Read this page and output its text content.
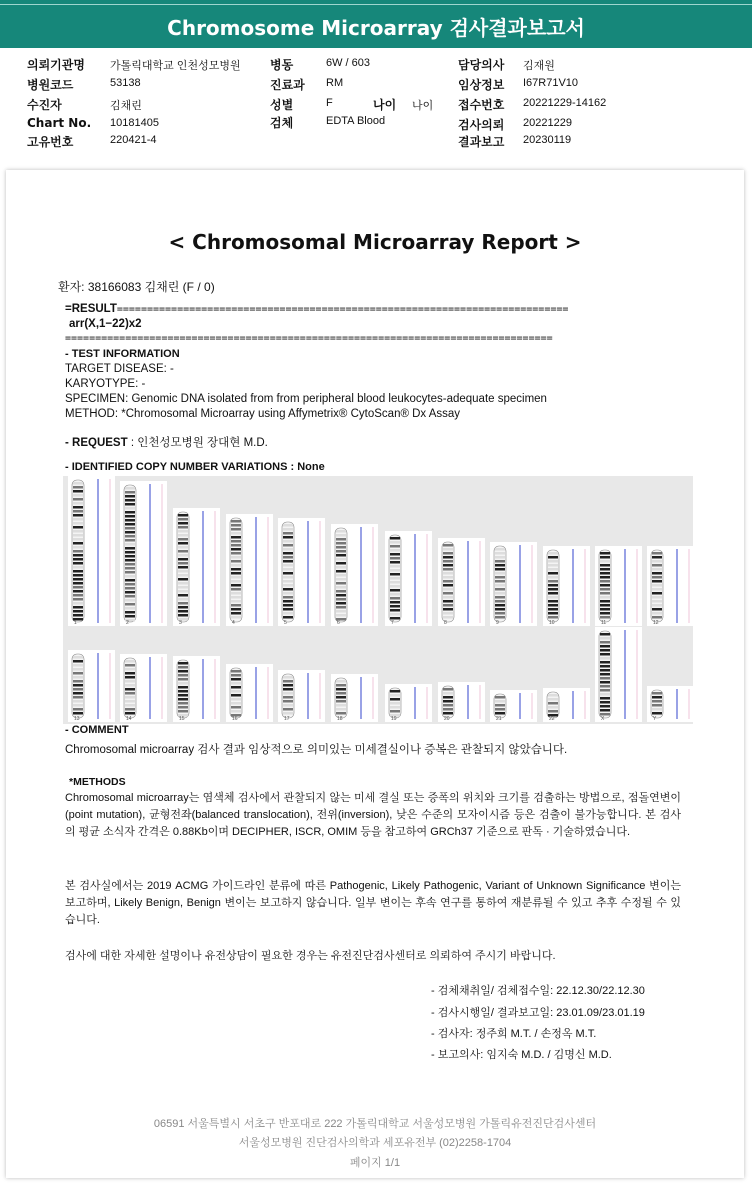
Chromosome Microarray 검사결과보고서
의뢰기관명 가톨릭대학교 인천성모병원
병원코드	53138
수진자	김채린
Chart No. 10181405
고유번호	220421-4
병동	6W / 603
진료과 RM
성별	F	나이 나이
검체	EDTA Blood
담당의사 김재원
임상정보 I67R71V10
접수번호 20221229-14162
검사의뢰 20221229
결과보고 20230119
< Chromosomal Microarray Report >
환자: 38166083 김채린 (F / 0)
=RESULT===========================================================================
arr(X,1−22)x2
=================================================================================
- TEST INFORMATION
TARGET DISEASE: -
KARYOTYPE: -
SPECIMEN: Genomic DNA isolated from from peripheral blood leukocytes-adequate specimen
METHOD: *Chromosomal Microarray using Affymetrix® CytoScan® Dx Assay
- REQUEST : 인천성모병원 장대현 M.D.
- IDENTIFIED COPY NUMBER VARIATIONS : None
1	2	3	4	5	6	7	8	9	10	11	12
13	14	15	16	17	18	19	20	21	22	X	Y
- COMMENT
Chromosomal microarray 검사 결과 임상적으로 의미있는 미세결실이나 증복은 관찰되지 않았습니다.
*METHODS
Chromosomal microarray는 염색체 검사에서 관찰되지 않는 미세 결실 또는 증폭의 위치와 크기를 검출하는 방법으로, 점돌연변이(point mutation), 균형전좌(balanced translocation), 전위(inversion), 낮은 수준의 모자이시즘 등은 검출이 불가능합니다. 본 검사의 평균 소식자 간격은 0.88Kb이며 DECIPHER, ISCR, OMIM 등을 참고하여 GRCh37 기준으로 판독 · 기술하였습니다.
본 검사실에서는 2019 ACMG 가이드라인 분류에 따른 Pathogenic, Likely Pathogenic, Variant of Unknown Significance 변이는 보고하며, Likely Benign, Benign 변이는 보고하지 않습니다. 일부 변이는 후속 연구를 통하여 재분류될 수 있고 추후 수정될 수 있습니다.
검사에 대한 자세한 설명이나 유전상담이 필요한 경우는 유전진단검사센터로 의뢰하여 주시기 바랍니다.
- 검체채취일/ 검체접수일: 22.12.30/22.12.30
- 검사시행일/ 결과보고일: 23.01.09/23.01.19
- 검사자: 정주희 M.T. / 손정옥 M.T.
- 보고의사: 임지숙 M.D. / 김명신 M.D.
06591 서울특별시 서초구 반포대로 222 가톨릭대학교 서울성모병원 가톨릭유전진단검사센터
서울성모병원 진단검사의학과 세포유전부 (02)2258-1704
페이지 1/1
